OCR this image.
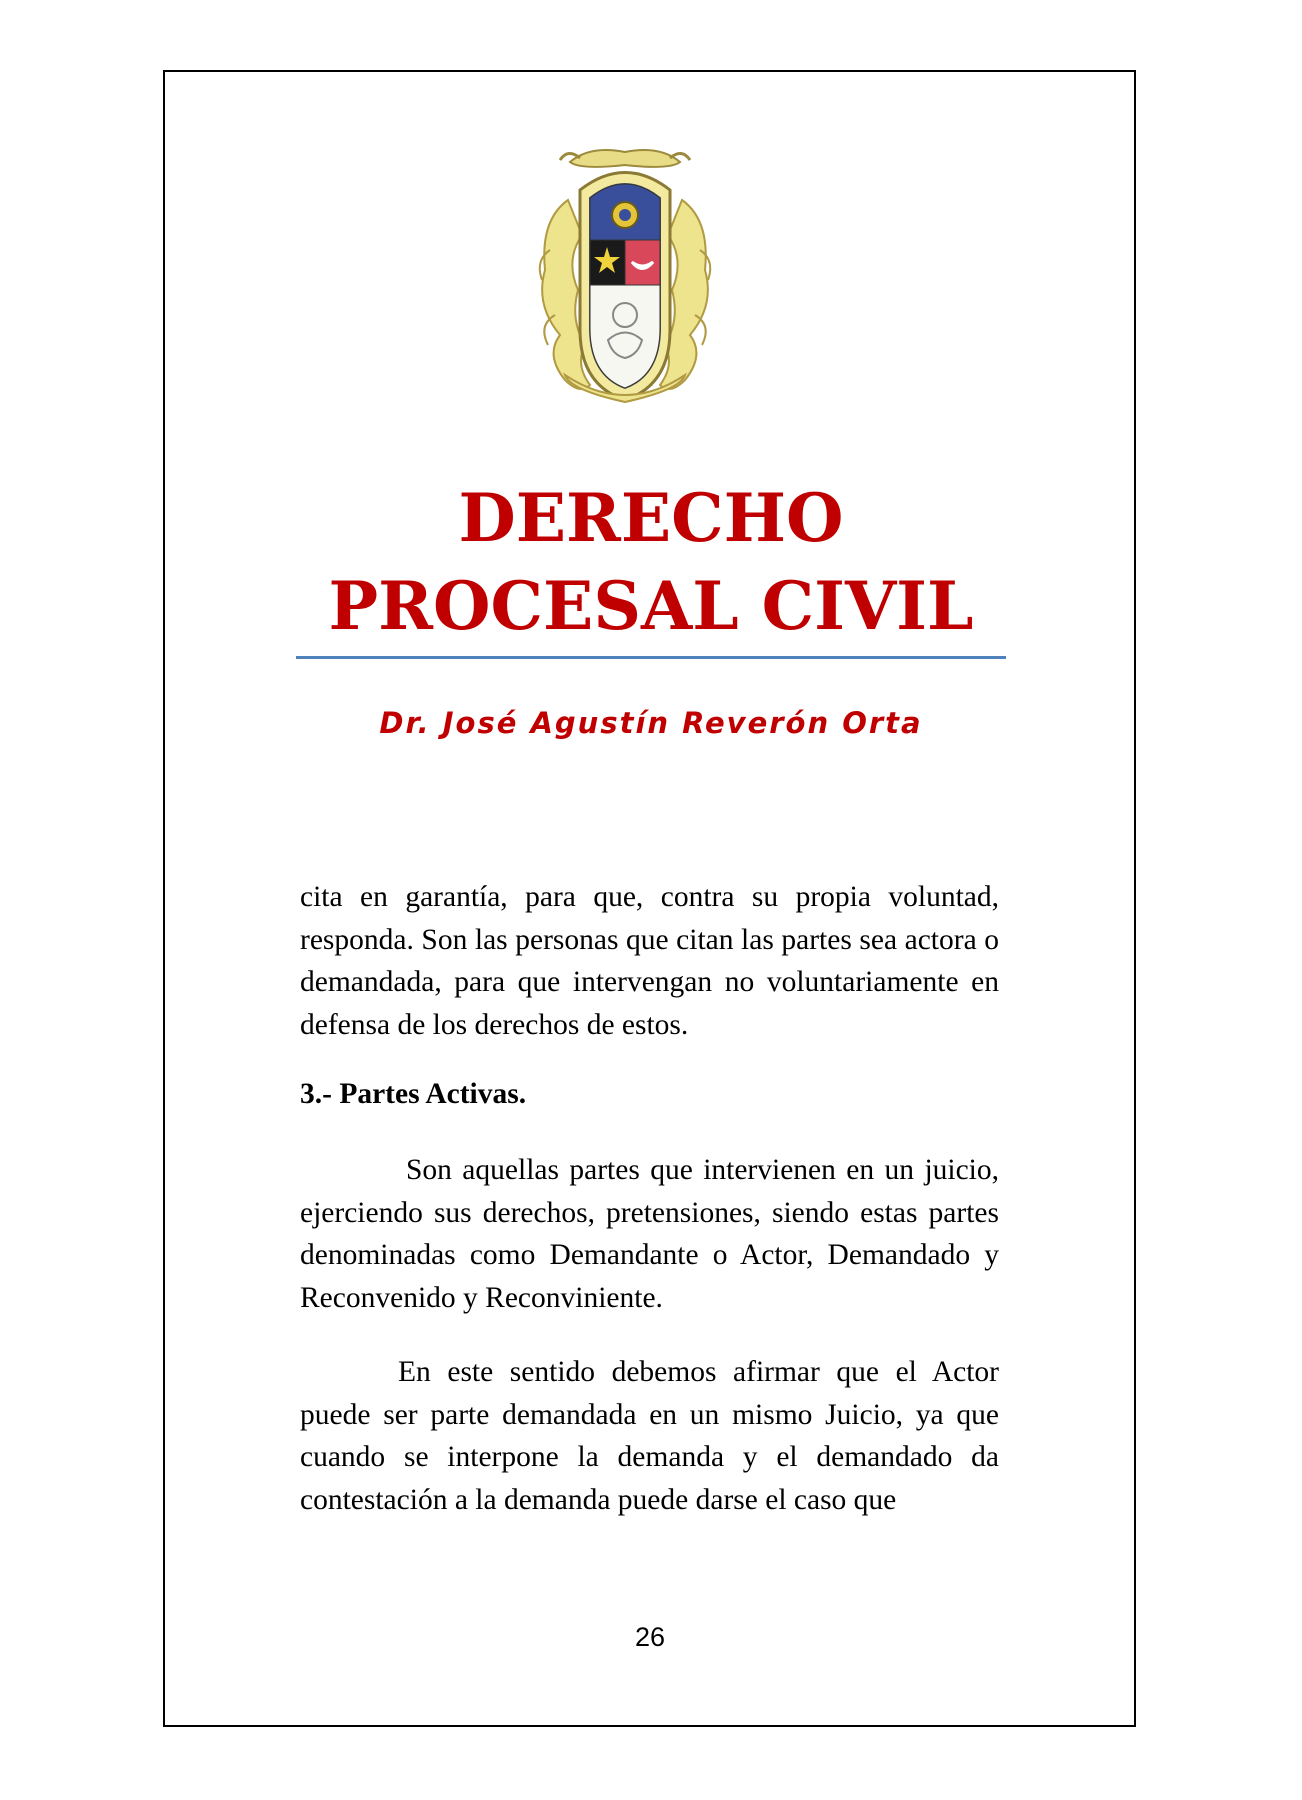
DERECHO
PROCESAL CIVIL
Dr. José Agustín Reverón Orta

cita en garantía, para que, contra su propia voluntad, responda. Son las personas que citan las partes sea actora o demandada, para que intervengan no voluntariamente en defensa de los derechos de estos.

3.- Partes Activas.

Son aquellas partes que intervienen en un juicio, ejerciendo sus derechos, pretensiones, siendo estas partes denominadas como Demandante o Actor, Demandado y Reconvenido y Reconviniente.

En este sentido debemos afirmar que el Actor puede ser parte demandada en un mismo Juicio, ya que cuando se interpone la demanda y el demandado da contestación a la demanda puede darse el caso que

26
